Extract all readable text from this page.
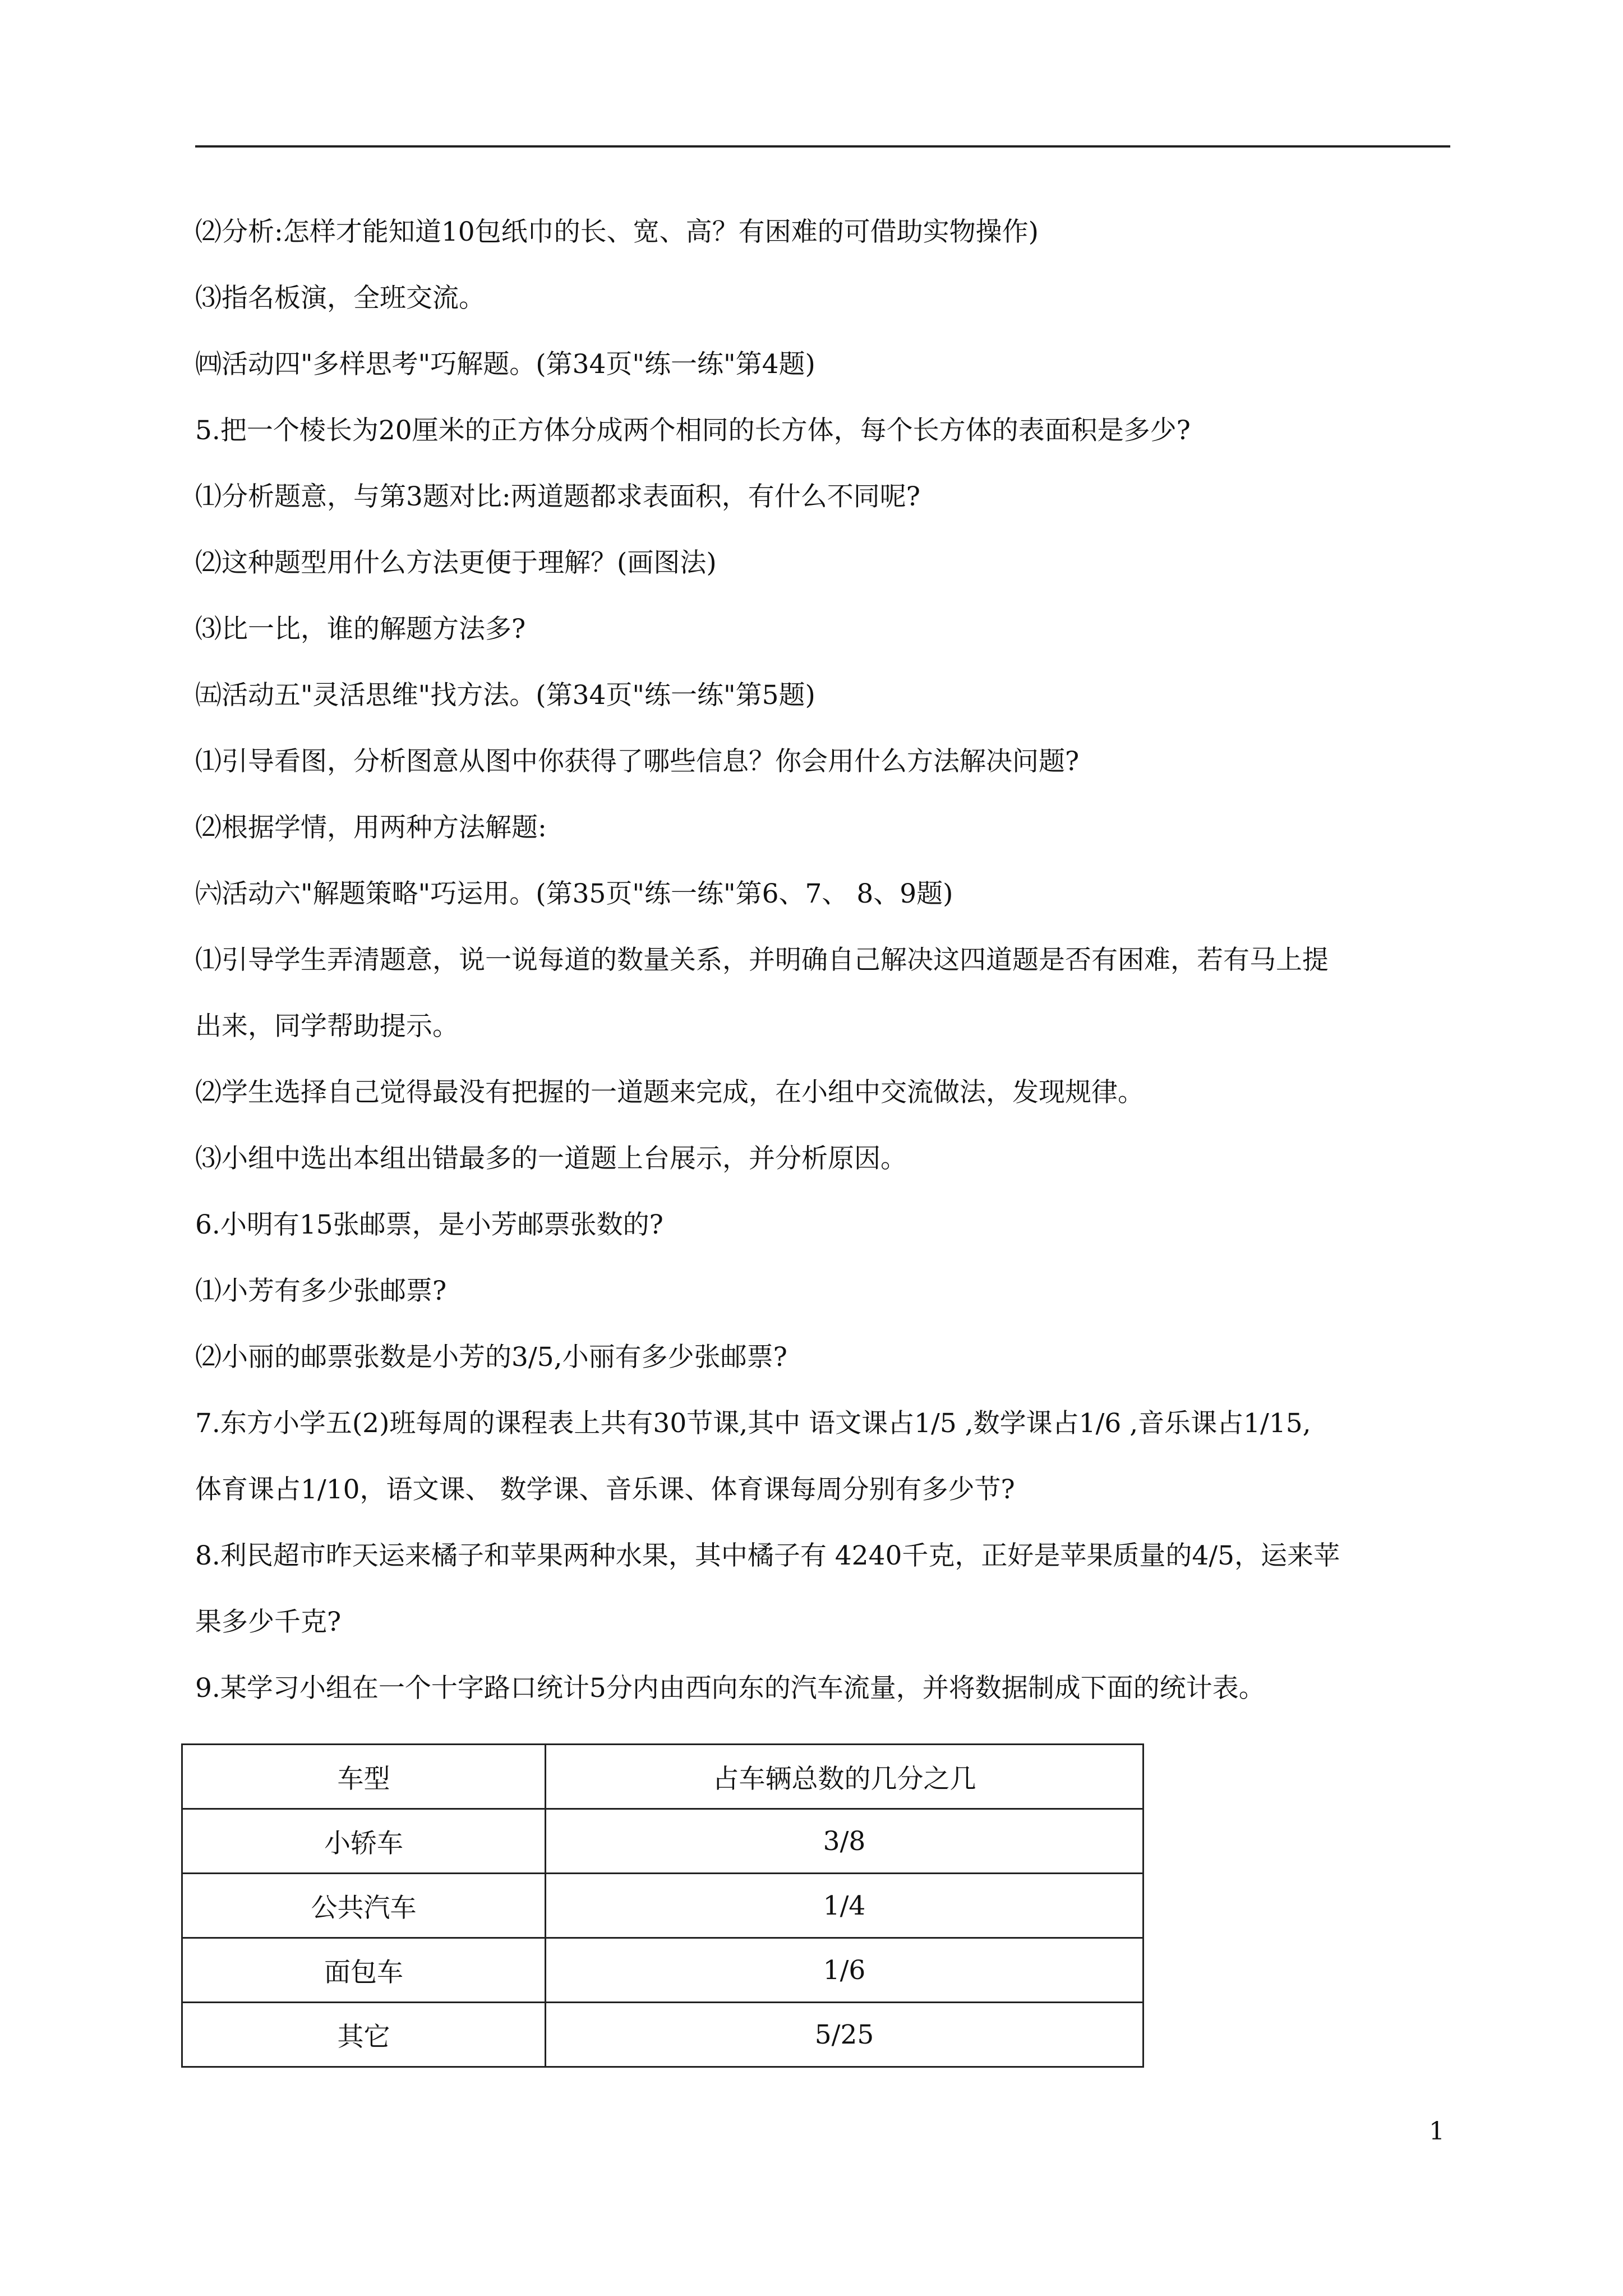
⑵分析:怎样才能知道10包纸巾的长、宽、高？有困难的可借助实物操作)

⑶指名板演，全班交流。

㈣活动四"多样思考"巧解题。(第34页"练一练"第4题)

5.把一个棱长为20厘米的正方体分成两个相同的长方体，每个长方体的表面积是多少?

⑴分析题意，与第3题对比:两道题都求表面积，有什么不同呢?

⑵这种题型用什么方法更便于理解？(画图法)

⑶比一比，谁的解题方法多?

㈤活动五"灵活思维"找方法。(第34页"练一练"第5题)

⑴引导看图，分析图意从图中你获得了哪些信息？你会用什么方法解决问题?

⑵根据学情，用两种方法解题:

㈥活动六"解题策略"巧运用。(第35页"练一练"第6、7、 8、9题)

⑴引导学生弄清题意，说一说每道的数量关系，并明确自己解决这四道题是否有困难，若有马上提

出来，同学帮助提示。

⑵学生选择自己觉得最没有把握的一道题来完成，在小组中交流做法，发现规律。

⑶小组中选出本组出错最多的一道题上台展示，并分析原因。

6.小明有15张邮票，是小芳邮票张数的?

⑴小芳有多少张邮票?

⑵小丽的邮票张数是小芳的3/5,小丽有多少张邮票?

7.东方小学五(2)班每周的课程表上共有30节课,其中 语文课占1/5 ,数学课占1/6 ,音乐课占1/15,

体育课占1/10，语文课、 数学课、音乐课、体育课每周分别有多少节?

8.利民超市昨天运来橘子和苹果两种水果，其中橘子有 4240千克，正好是苹果质量的4/5，运来苹

果多少千克?

9.某学习小组在一个十字路口统计5分内由西向东的汽车流量，并将数据制成下面的统计表。

车型	占车辆总数的几分之几
小轿车	3/8
公共汽车	1/4
面包车	1/6
其它	5/25
1
